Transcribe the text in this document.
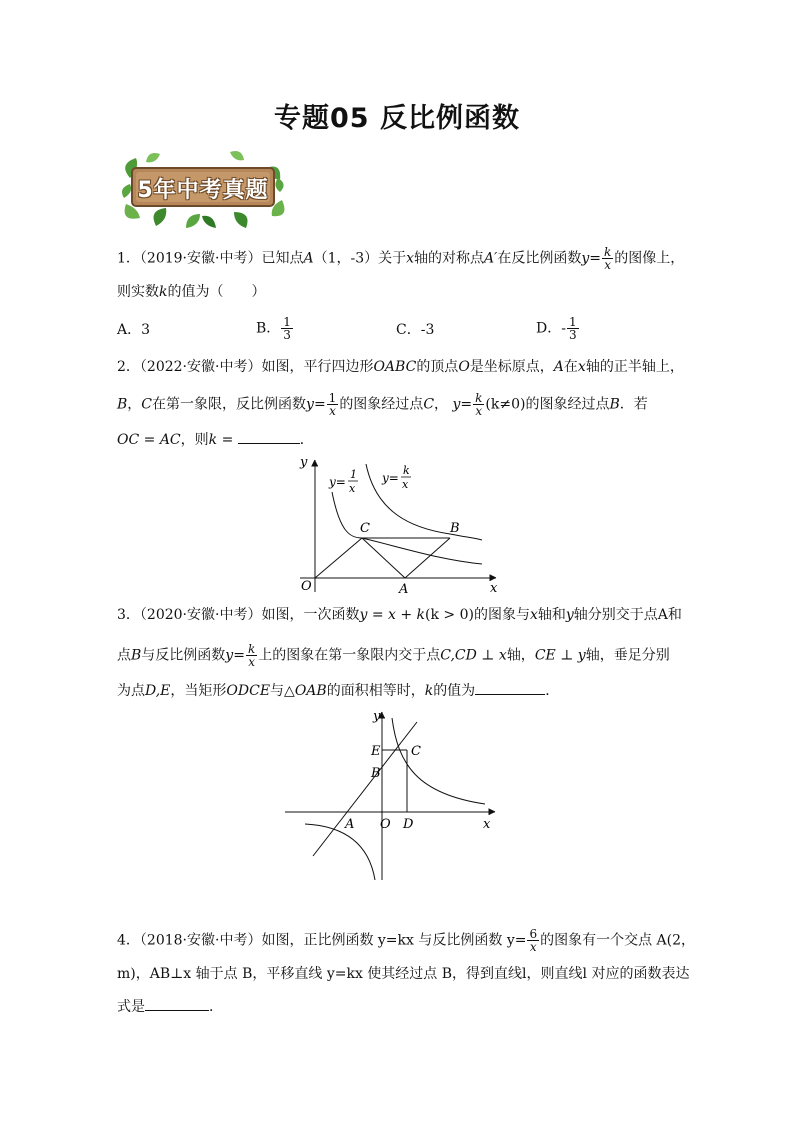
专题05 反比例函数
5年中考真题
1．（2019·安徽·中考）已知点A（1，-3）关于x轴的对称点A′在反比例函数$y= \frac{k}{x}$ 的图像上，
则实数k的值为（　　）
A．3	B． $\frac{1}{3}$	C．-3	D．- $\frac{1}{3}$
2．（2022·安徽·中考）如图，平行四边形OABC的顶点O是坐标原点，A在x轴的正半轴上，
B，C在第一象限，反比例函数$y= \frac{1}{x}$ 的图象经过点C， $y= \frac{k}{x} (k\ne 0)$的图象经过点B．若
OC = AC，则k =	．
y
x
O	A
B
C
y=
1
x
y=
k
x
3．（2020·安徽·中考）如图，一次函数y = x + k(k > 0)的图象与x轴和y轴分别交于点A和
点B与反比例函数$y= \frac{k}{x}$ 上的图象在第一象限内交于点C,CD ⊥ x轴，CE ⊥ y轴，垂足分别
为点D,E，当矩形ODCE与△OAB的面积相等时，k的值为	．
y
x
E C
B
A O D
4．（2018·安徽·中考）如图，正比例函数 y=kx 与反比例函数 $y= \frac{6}{x}$ 的图象有一个交点 A(2，
m)，AB⊥x 轴于点 B，平移直线 y=kx 使其经过点 B，得到直线l，则直线l 对应的函数表达
式是	．
